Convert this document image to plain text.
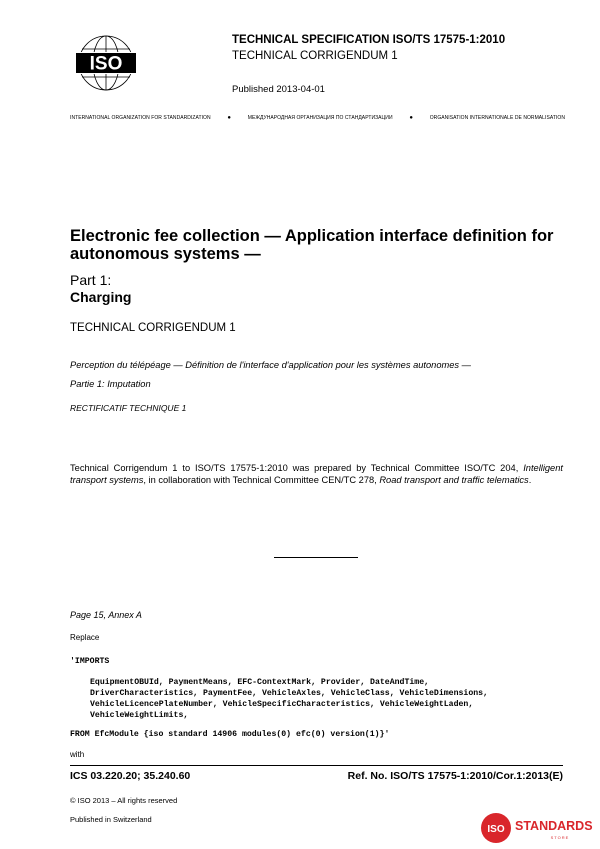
ISO
TECHNICAL SPECIFICATION ISO/TS 17575-1:2010
TECHNICAL CORRIGENDUM 1
Published 2013-04-01
INTERNATIONAL ORGANIZATION FOR STANDARDIZATION	●	МЕЖДУНАРОДНАЯ ОРГАНИЗАЦИЯ ПО СТАНДАРТИЗАЦИИ	●	ORGANISATION INTERNATIONALE DE NORMALISATION
Electronic fee collection — Application interface definition for autonomous systems —
Part 1:
Charging
TECHNICAL CORRIGENDUM 1
Perception du télépéage — Définition de l'interface d'application pour les systèmes autonomes —
Partie 1: Imputation
RECTIFICATIF TECHNIQUE 1
Technical Corrigendum 1 to ISO/TS 17575-1:2010 was prepared by Technical Committee ISO/TC 204, Intelligent transport systems, in collaboration with Technical Committee CEN/TC 278, Road transport and traffic telematics.
Page 15, Annex A
Replace
'IMPORTS
EquipmentOBUId, PaymentMeans, EFC-ContextMark, Provider, DateAndTime,
DriverCharacteristics, PaymentFee, VehicleAxles, VehicleClass, VehicleDimensions,
VehicleLicencePlateNumber, VehicleSpecificCharacteristics, VehicleWeightLaden,
VehicleWeightLimits,
FROM EfcModule {iso standard 14906 modules(0) efc(0) version(1)}'
with
ICS 03.220.20; 35.240.60	Ref. No. ISO/TS 17575-1:2010/Cor.1:2013(E)
© ISO 2013 – All rights reserved
Published in Switzerland
ISO STANDARDS
STORE
